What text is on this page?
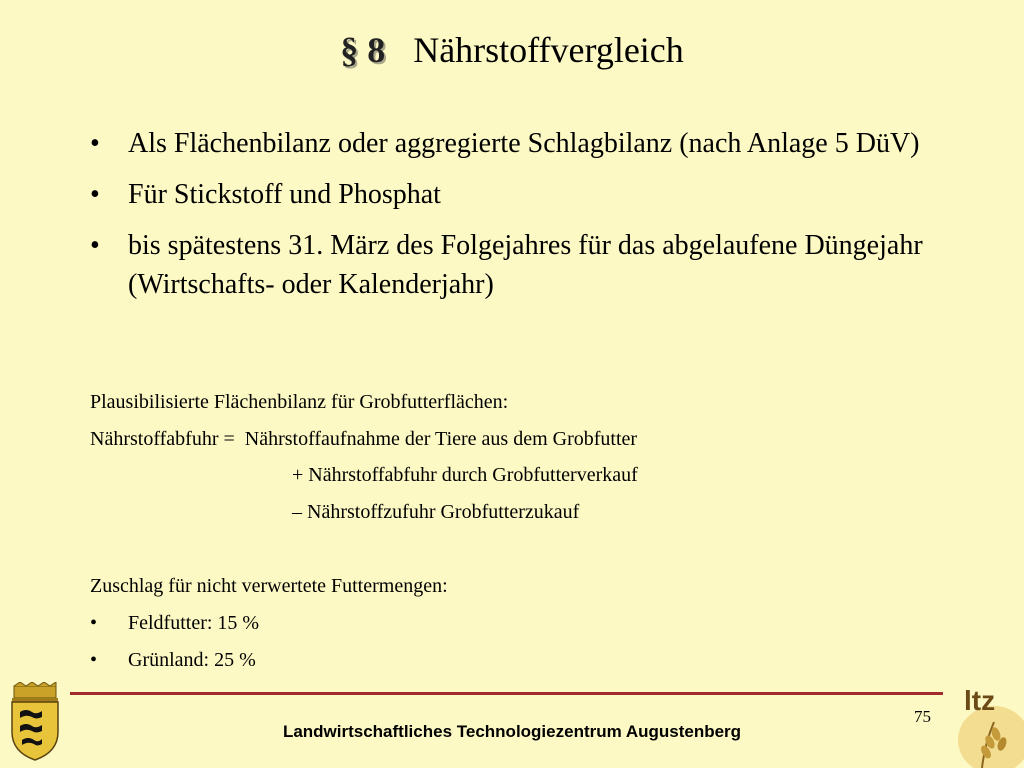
§ 8 Nährstoffvergleich
• Als Flächenbilanz oder aggregierte Schlagbilanz (nach Anlage 5 DüV)
• Für Stickstoff und Phosphat
• bis spätestens 31. März des Folgejahres für das abgelaufene Düngejahr (Wirtschafts- oder Kalenderjahr)
Plausibilisierte Flächenbilanz für Grobfutterflächen:
Nährstoffabfuhr =  Nährstoffaufnahme der Tiere aus dem Grobfutter
+ Nährstoffabfuhr durch Grobfutterverkauf
– Nährstoffzufuhr Grobfutterzukauf
Zuschlag für nicht verwertete Futtermengen:
• Feldfutter: 15 %
• Grünland: 25 %
75
Landwirtschaftliches Technologiezentrum Augustenberg
ltz
